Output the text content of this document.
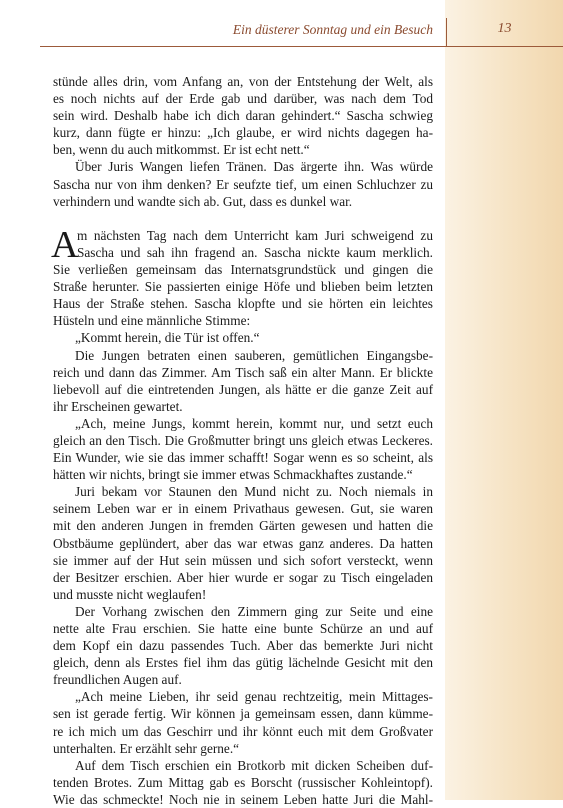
Ein düsterer Sonntag und ein Besuch	13
stünde alles drin, vom Anfang an, von der Entstehung der Welt, als
es noch nichts auf der Erde gab und darüber, was nach dem Tod
sein wird. Deshalb habe ich dich daran gehindert.“ Sascha schwieg
kurz, dann fügte er hinzu: „Ich glaube, er wird nichts dagegen ha-
ben, wenn du auch mitkommst. Er ist echt nett.“
Über Juris Wangen liefen Tränen. Das ärgerte ihn. Was würde
Sascha nur von ihm denken? Er seufzte tief, um einen Schluchzer zu
verhindern und wandte sich ab. Gut, dass es dunkel war.
A
m nächsten Tag nach dem Unterricht kam Juri schweigend zu
Sascha und sah ihn fragend an. Sascha nickte kaum merklich.
Sie verließen gemeinsam das Internatsgrundstück und gingen die
Straße herunter. Sie passierten einige Höfe und blieben beim letzten
Haus der Straße stehen. Sascha klopfte und sie hörten ein leichtes
Hüsteln und eine männliche Stimme:
„Kommt herein, die Tür ist offen.“
Die Jungen betraten einen sauberen, gemütlichen Eingangsbe-
reich und dann das Zimmer. Am Tisch saß ein alter Mann. Er blickte
liebevoll auf die eintretenden Jungen, als hätte er die ganze Zeit auf
ihr Erscheinen gewartet.
„Ach, meine Jungs, kommt herein, kommt nur, und setzt euch
gleich an den Tisch. Die Großmutter bringt uns gleich etwas Leckeres.
Ein Wunder, wie sie das immer schafft! Sogar wenn es so scheint, als
hätten wir nichts, bringt sie immer etwas Schmackhaftes zustande.“
Juri bekam vor Staunen den Mund nicht zu. Noch niemals in
seinem Leben war er in einem Privathaus gewesen. Gut, sie waren
mit den anderen Jungen in fremden Gärten gewesen und hatten die
Obstbäume geplündert, aber das war etwas ganz anderes. Da hatten
sie immer auf der Hut sein müssen und sich sofort versteckt, wenn
der Besitzer erschien. Aber hier wurde er sogar zu Tisch eingeladen
und musste nicht weglaufen!
Der Vorhang zwischen den Zimmern ging zur Seite und eine
nette alte Frau erschien. Sie hatte eine bunte Schürze an und auf
dem Kopf ein dazu passendes Tuch. Aber das bemerkte Juri nicht
gleich, denn als Erstes fiel ihm das gütig lächelnde Gesicht mit den
freundlichen Augen auf.
„Ach meine Lieben, ihr seid genau rechtzeitig, mein Mittages-
sen ist gerade fertig. Wir können ja gemeinsam essen, dann kümme-
re ich mich um das Geschirr und ihr könnt euch mit dem Großvater
unterhalten. Er erzählt sehr gerne.“
Auf dem Tisch erschien ein Brotkorb mit dicken Scheiben duf-
tenden Brotes. Zum Mittag gab es Borscht (russischer Kohleintopf).
Wie das schmeckte! Noch nie in seinem Leben hatte Juri die Mahl-
